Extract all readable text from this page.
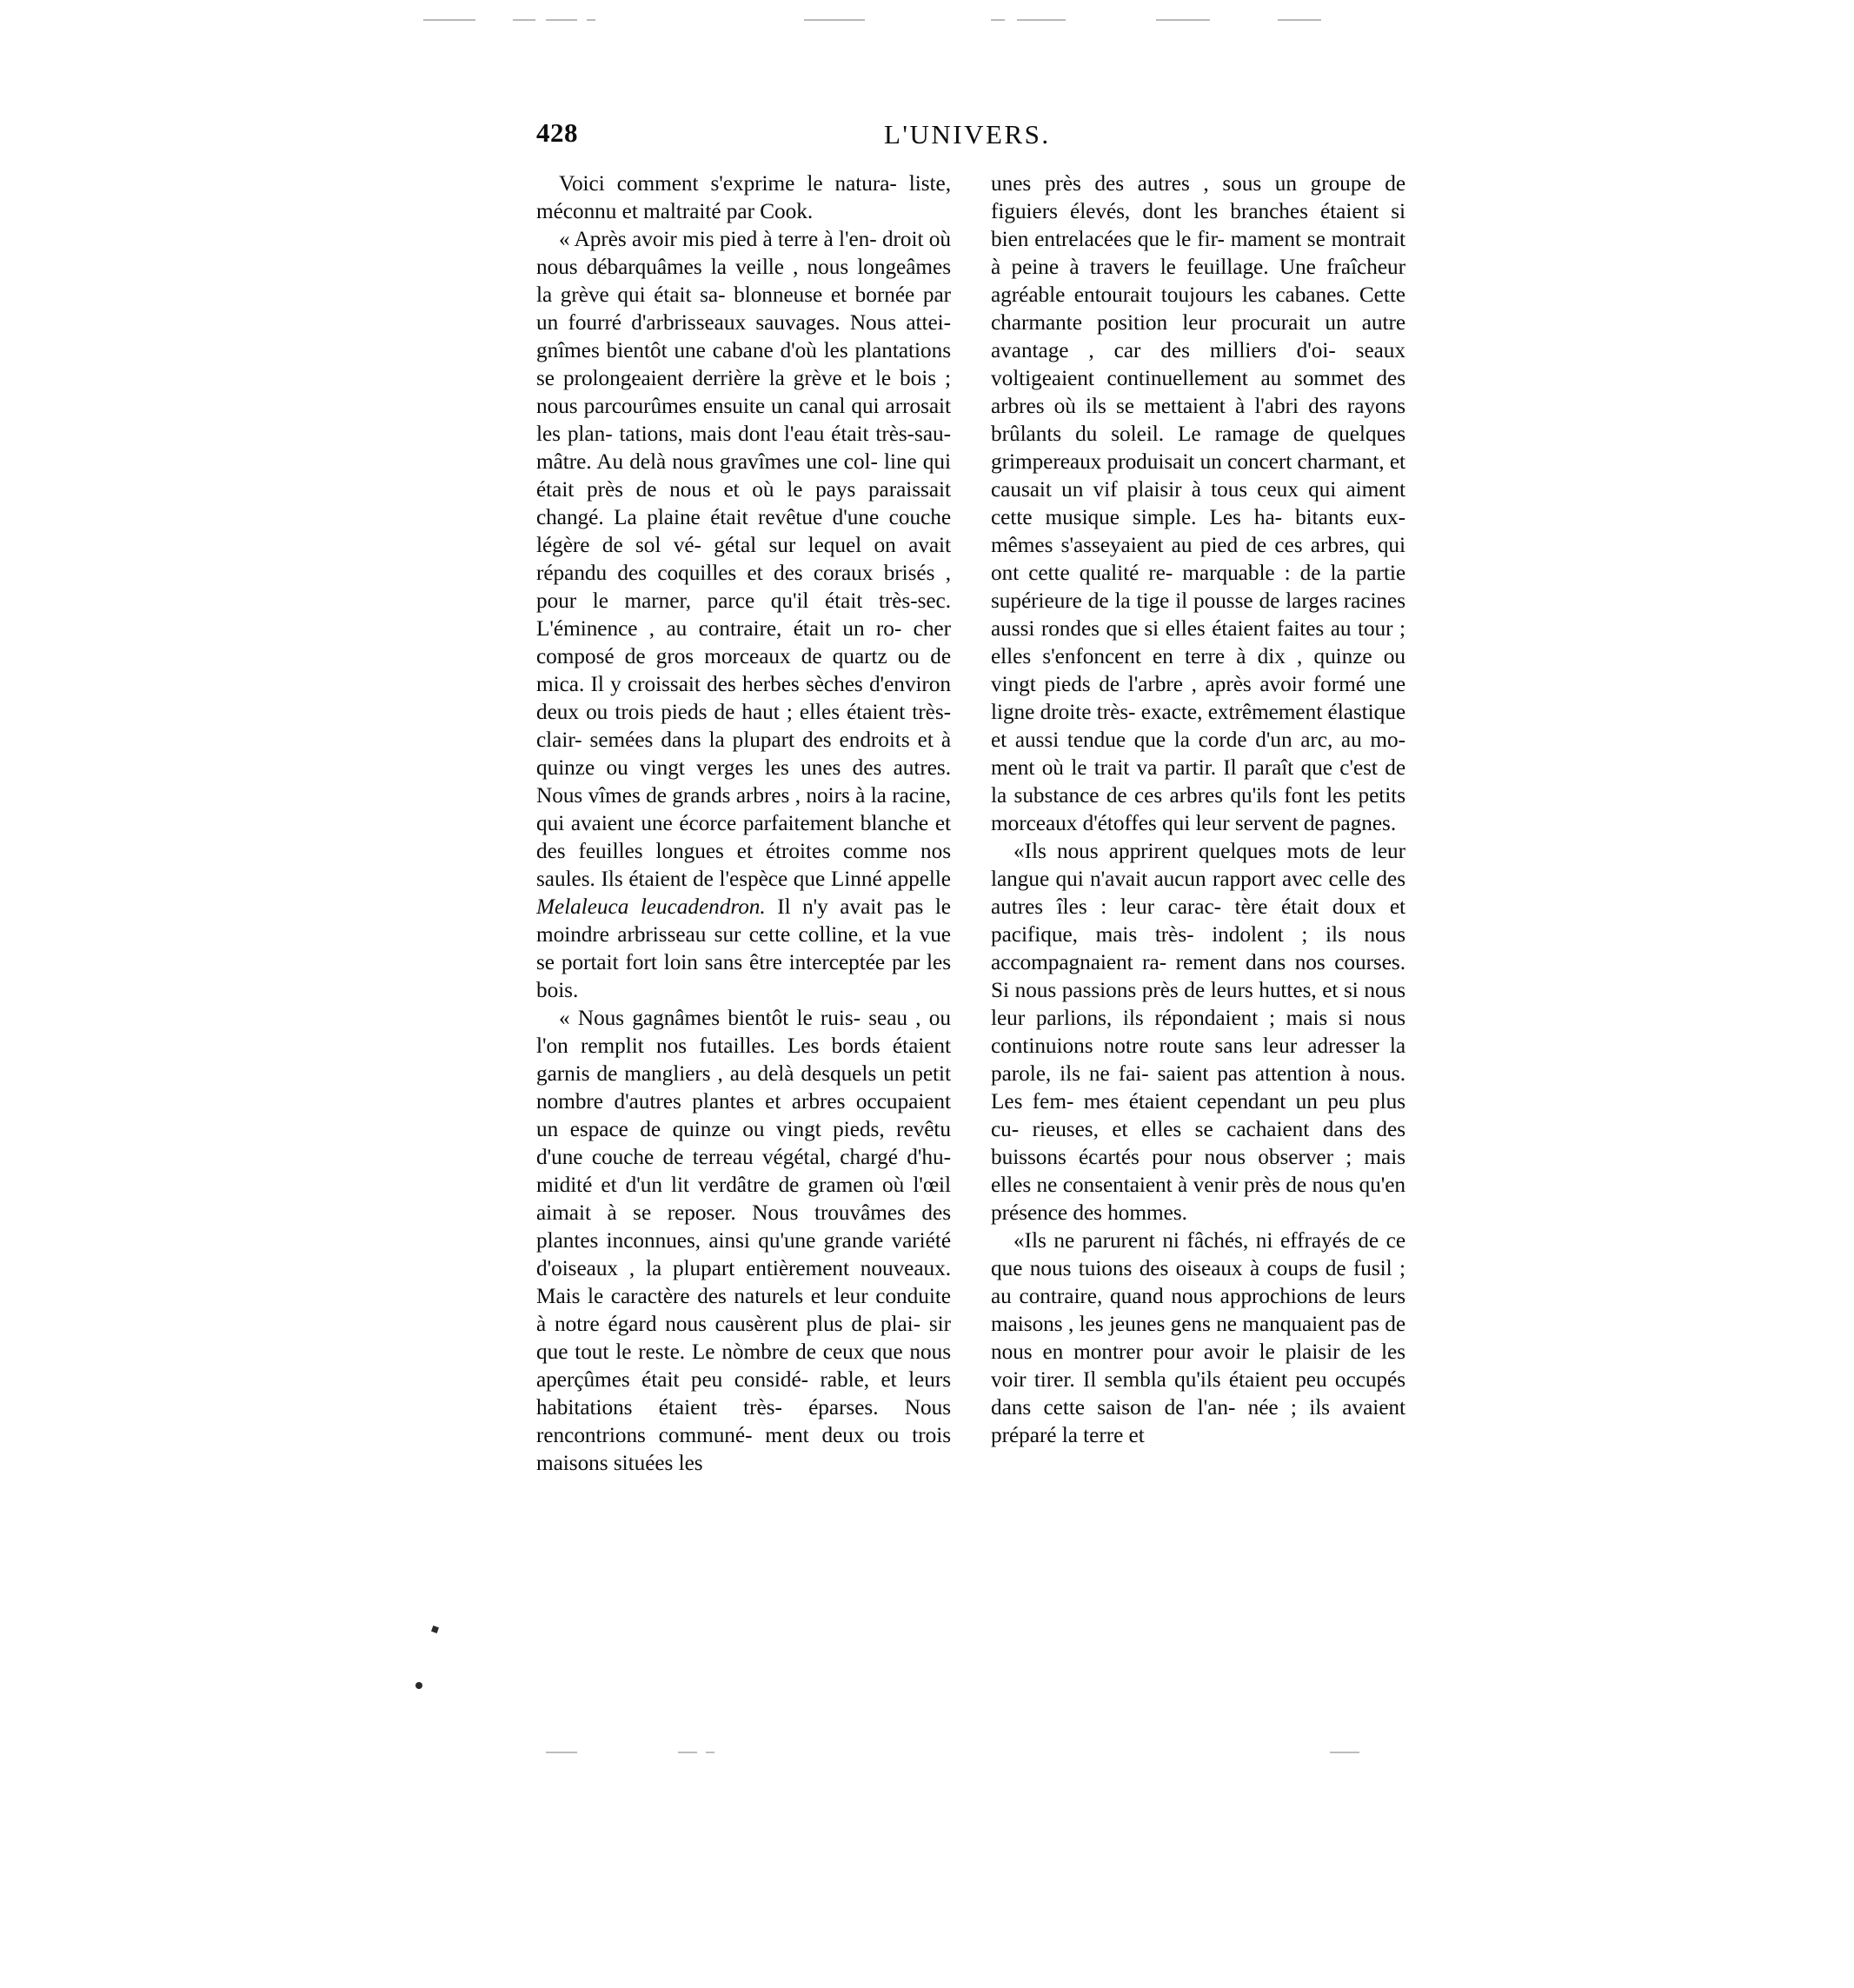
428	L'UNIVERS.

Voici comment s'exprime le natura- liste, méconnu et maltraité par Cook.

« Après avoir mis pied à terre à l'en- droit où nous débarquâmes la veille , nous longeâmes la grève qui était sa- blonneuse et bornée par un fourré d'arbrisseaux sauvages. Nous attei- gnîmes bientôt une cabane d'où les plantations se prolongeaient derrière la grève et le bois ; nous parcourûmes ensuite un canal qui arrosait les plan- tations, mais dont l'eau était très-sau- mâtre. Au delà nous gravîmes une col- line qui était près de nous et où le pays paraissait changé. La plaine était revêtue d'une couche légère de sol vé- gétal sur lequel on avait répandu des coquilles et des coraux brisés , pour le marner, parce qu'il était très-sec. L'éminence , au contraire, était un ro- cher composé de gros morceaux de quartz ou de mica. Il y croissait des herbes sèches d'environ deux ou trois pieds de haut ; elles étaient très-clair- semées dans la plupart des endroits et à quinze ou vingt verges les unes des autres. Nous vîmes de grands arbres , noirs à la racine, qui avaient une écorce parfaitement blanche et des feuilles longues et étroites comme nos saules. Ils étaient de l'espèce que Linné appelle Melaleuca leucadendron. Il n'y avait pas le moindre arbrisseau sur cette colline, et la vue se portait fort loin sans être interceptée par les bois.

« Nous gagnâmes bientôt le ruis- seau , ou l'on remplit nos futailles. Les bords étaient garnis de mangliers , au delà desquels un petit nombre d'autres plantes et arbres occupaient un espace de quinze ou vingt pieds, revêtu d'une couche de terreau végétal, chargé d'hu- midité et d'un lit verdâtre de gramen où l'œil aimait à se reposer. Nous trouvâmes des plantes inconnues, ainsi qu'une grande variété d'oiseaux , la plupart entièrement nouveaux. Mais le caractère des naturels et leur conduite à notre égard nous causèrent plus de plai- sir que tout le reste. Le nòmbre de ceux que nous aperçûmes était peu considé- rable, et leurs habitations étaient très- éparses. Nous rencontrions communé- ment deux ou trois maisons situées les

unes près des autres , sous un groupe de figuiers élevés, dont les branches étaient si bien entrelacées que le fir- mament se montrait à peine à travers le feuillage. Une fraîcheur agréable entourait toujours les cabanes. Cette charmante position leur procurait un autre avantage , car des milliers d'oi- seaux voltigeaient continuellement au sommet des arbres où ils se mettaient à l'abri des rayons brûlants du soleil. Le ramage de quelques grimpereaux produisait un concert charmant, et causait un vif plaisir à tous ceux qui aiment cette musique simple. Les ha- bitants eux-mêmes s'asseyaient au pied de ces arbres, qui ont cette qualité re- marquable : de la partie supérieure de la tige il pousse de larges racines aussi rondes que si elles étaient faites au tour ; elles s'enfoncent en terre à dix , quinze ou vingt pieds de l'arbre , après avoir formé une ligne droite très- exacte, extrêmement élastique et aussi tendue que la corde d'un arc, au mo- ment où le trait va partir. Il paraît que c'est de la substance de ces arbres qu'ils font les petits morceaux d'étoffes qui leur servent de pagnes.

«Ils nous apprirent quelques mots de leur langue qui n'avait aucun rapport avec celle des autres îles : leur carac- tère était doux et pacifique, mais très- indolent ; ils nous accompagnaient ra- rement dans nos courses. Si nous passions près de leurs huttes, et si nous leur parlions, ils répondaient ; mais si nous continuions notre route sans leur adresser la parole, ils ne fai- saient pas attention à nous. Les fem- mes étaient cependant un peu plus cu- rieuses, et elles se cachaient dans des buissons écartés pour nous observer ; mais elles ne consentaient à venir près de nous qu'en présence des hommes.

«Ils ne parurent ni fâchés, ni effrayés de ce que nous tuions des oiseaux à coups de fusil ; au contraire, quand nous approchions de leurs maisons , les jeunes gens ne manquaient pas de nous en montrer pour avoir le plaisir de les voir tirer. Il sembla qu'ils étaient peu occupés dans cette saison de l'an- née ; ils avaient préparé la terre et
